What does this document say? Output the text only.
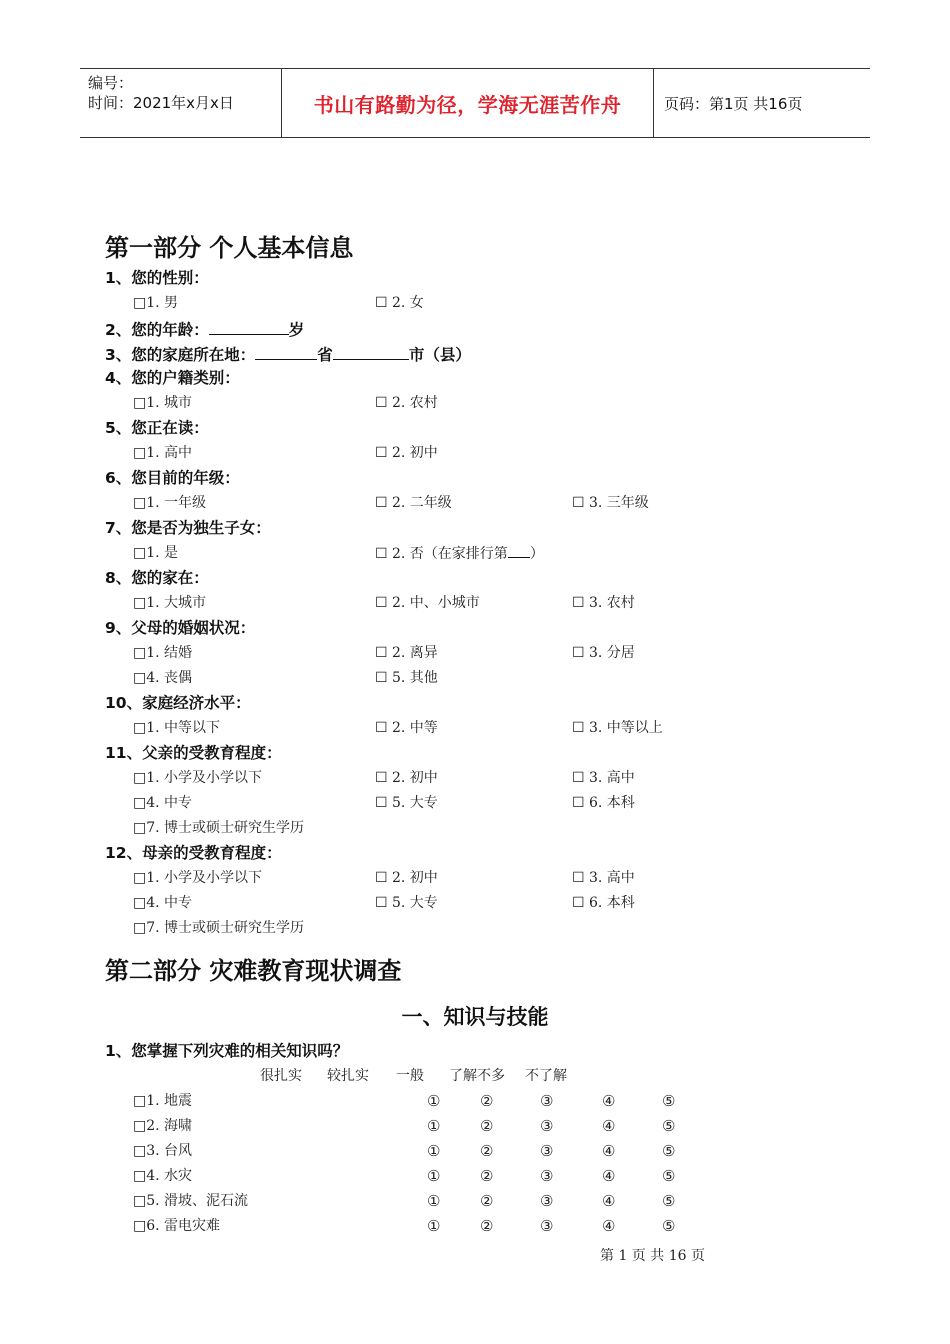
编号：
时间：2021年x月x日	书山有路勤为径，学海无涯苦作舟	页码：第1页 共16页
第一部分 个人基本信息
1、您的性别：
□1. 男	☐ 2. 女
2、您的年龄：	岁
3、您的家庭所在地：	省	市（县）
4、您的户籍类别：
□1. 城市	☐ 2. 农村
5、您正在读：
□1. 高中	☐ 2. 初中
6、您目前的年级：
□1. 一年级	☐ 2. 二年级	☐ 3. 三年级
7、您是否为独生子女：
□1. 是	☐ 2. 否（在家排行第 ）
8、您的家在：
□1. 大城市	☐ 2. 中、小城市	☐ 3. 农村
9、父母的婚姻状况：
□1. 结婚	☐ 2. 离异	☐ 3. 分居
□4. 丧偶	☐ 5. 其他
10、家庭经济水平：
□1. 中等以下	☐ 2. 中等	☐ 3. 中等以上
11、父亲的受教育程度：
□1. 小学及小学以下	☐ 2. 初中	☐ 3. 高中
□4. 中专	☐ 5. 大专	☐ 6. 本科
□7. 博士或硕士研究生学历
12、母亲的受教育程度：
□1. 小学及小学以下	☐ 2. 初中	☐ 3. 高中
□4. 中专	☐ 5. 大专	☐ 6. 本科
□7. 博士或硕士研究生学历
第二部分 灾难教育现状调查
一、知识与技能
1、您掌握下列灾难的相关知识吗？
很扎实 较扎实 一般 了解不多 不了解
□1. 地震	①	②	③	④	⑤
□2. 海啸	①	②	③	④	⑤
□3. 台风	①	②	③	④	⑤
□4. 水灾	①	②	③	④	⑤
□5. 滑坡、泥石流	①	②	③	④	⑤
□6. 雷电灾难	①	②	③	④	⑤
第 1 页 共 16 页
